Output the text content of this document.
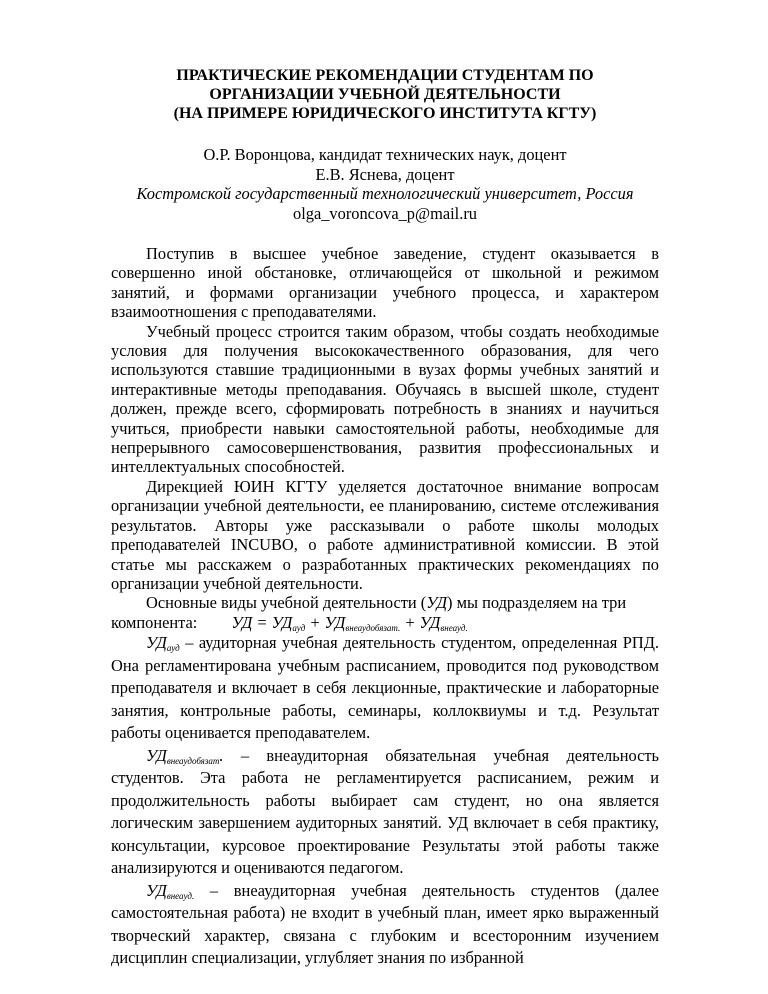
ПРАКТИЧЕСКИЕ РЕКОМЕНДАЦИИ СТУДЕНТАМ ПО
ОРГАНИЗАЦИИ УЧЕБНОЙ ДЕЯТЕЛЬНОСТИ
(НА ПРИМЕРЕ ЮРИДИЧЕСКОГО ИНСТИТУТА КГТУ)
О.Р. Воронцова, кандидат технических наук, доцент
Е.В. Яснева, доцент
Костромской государственный технологический университет, Россия
olga_voroncova_p@mail.ru

Поступив в высшее учебное заведение, студент оказывается в совершенно иной обстановке, отличающейся от школьной и режимом занятий, и формами организации учебного процесса, и характером взаимоотношения с преподавателями.

Учебный процесс строится таким образом, чтобы создать необходимые условия для получения высококачественного образования, для чего используются ставшие традиционными в вузах формы учебных занятий и интерактивные методы преподавания. Обучаясь в высшей школе, студент должен, прежде всего, сформировать потребность в знаниях и научиться учиться, приобрести навыки самостоятельной работы, необходимые для непрерывного самосовершенствования, развития профессиональных и интеллектуальных способностей.

Дирекцией ЮИН КГТУ уделяется достаточное внимание вопросам организации учебной деятельности, ее планированию, системе отслеживания результатов. Авторы уже рассказывали о работе школы молодых преподавателей INCUBO, о работе административной комиссии. В этой статье мы расскажем о разработанных практических рекомендациях по организации учебной деятельности.

Основные виды учебной деятельности (УД) мы подразделяем на три

компонента: УД = $УД_{ауд} + УД_{внеаудобязат.} + УД_{внеауд.}$

$УД_{ауд}$ – аудиторная учебная деятельность студентом, определенная РПД. Она регламентирована учебным расписанием, проводится под руководством преподавателя и включает в себя лекционные, практические и лабораторные занятия, контрольные работы, семинары, коллоквиумы и т.д. Результат работы оценивается преподавателем.

$УД_{внеаудобязат}$. – внеаудиторная обязательная учебная деятельность студентов. Эта работа не регламентируется расписанием, режим и продолжительность работы выбирает сам студент, но она является логическим завершением аудиторных занятий. УД включает в себя практику, консультации, курсовое проектирование Результаты этой работы также анализируются и оцениваются педагогом.

$УД_{внеауд.}$ – внеаудиторная учебная деятельность студентов (далее самостоятельная работа) не входит в учебный план, имеет ярко выраженный творческий характер, связана с глубоким и всесторонним изучением дисциплин специализации, углубляет знания по избранной
